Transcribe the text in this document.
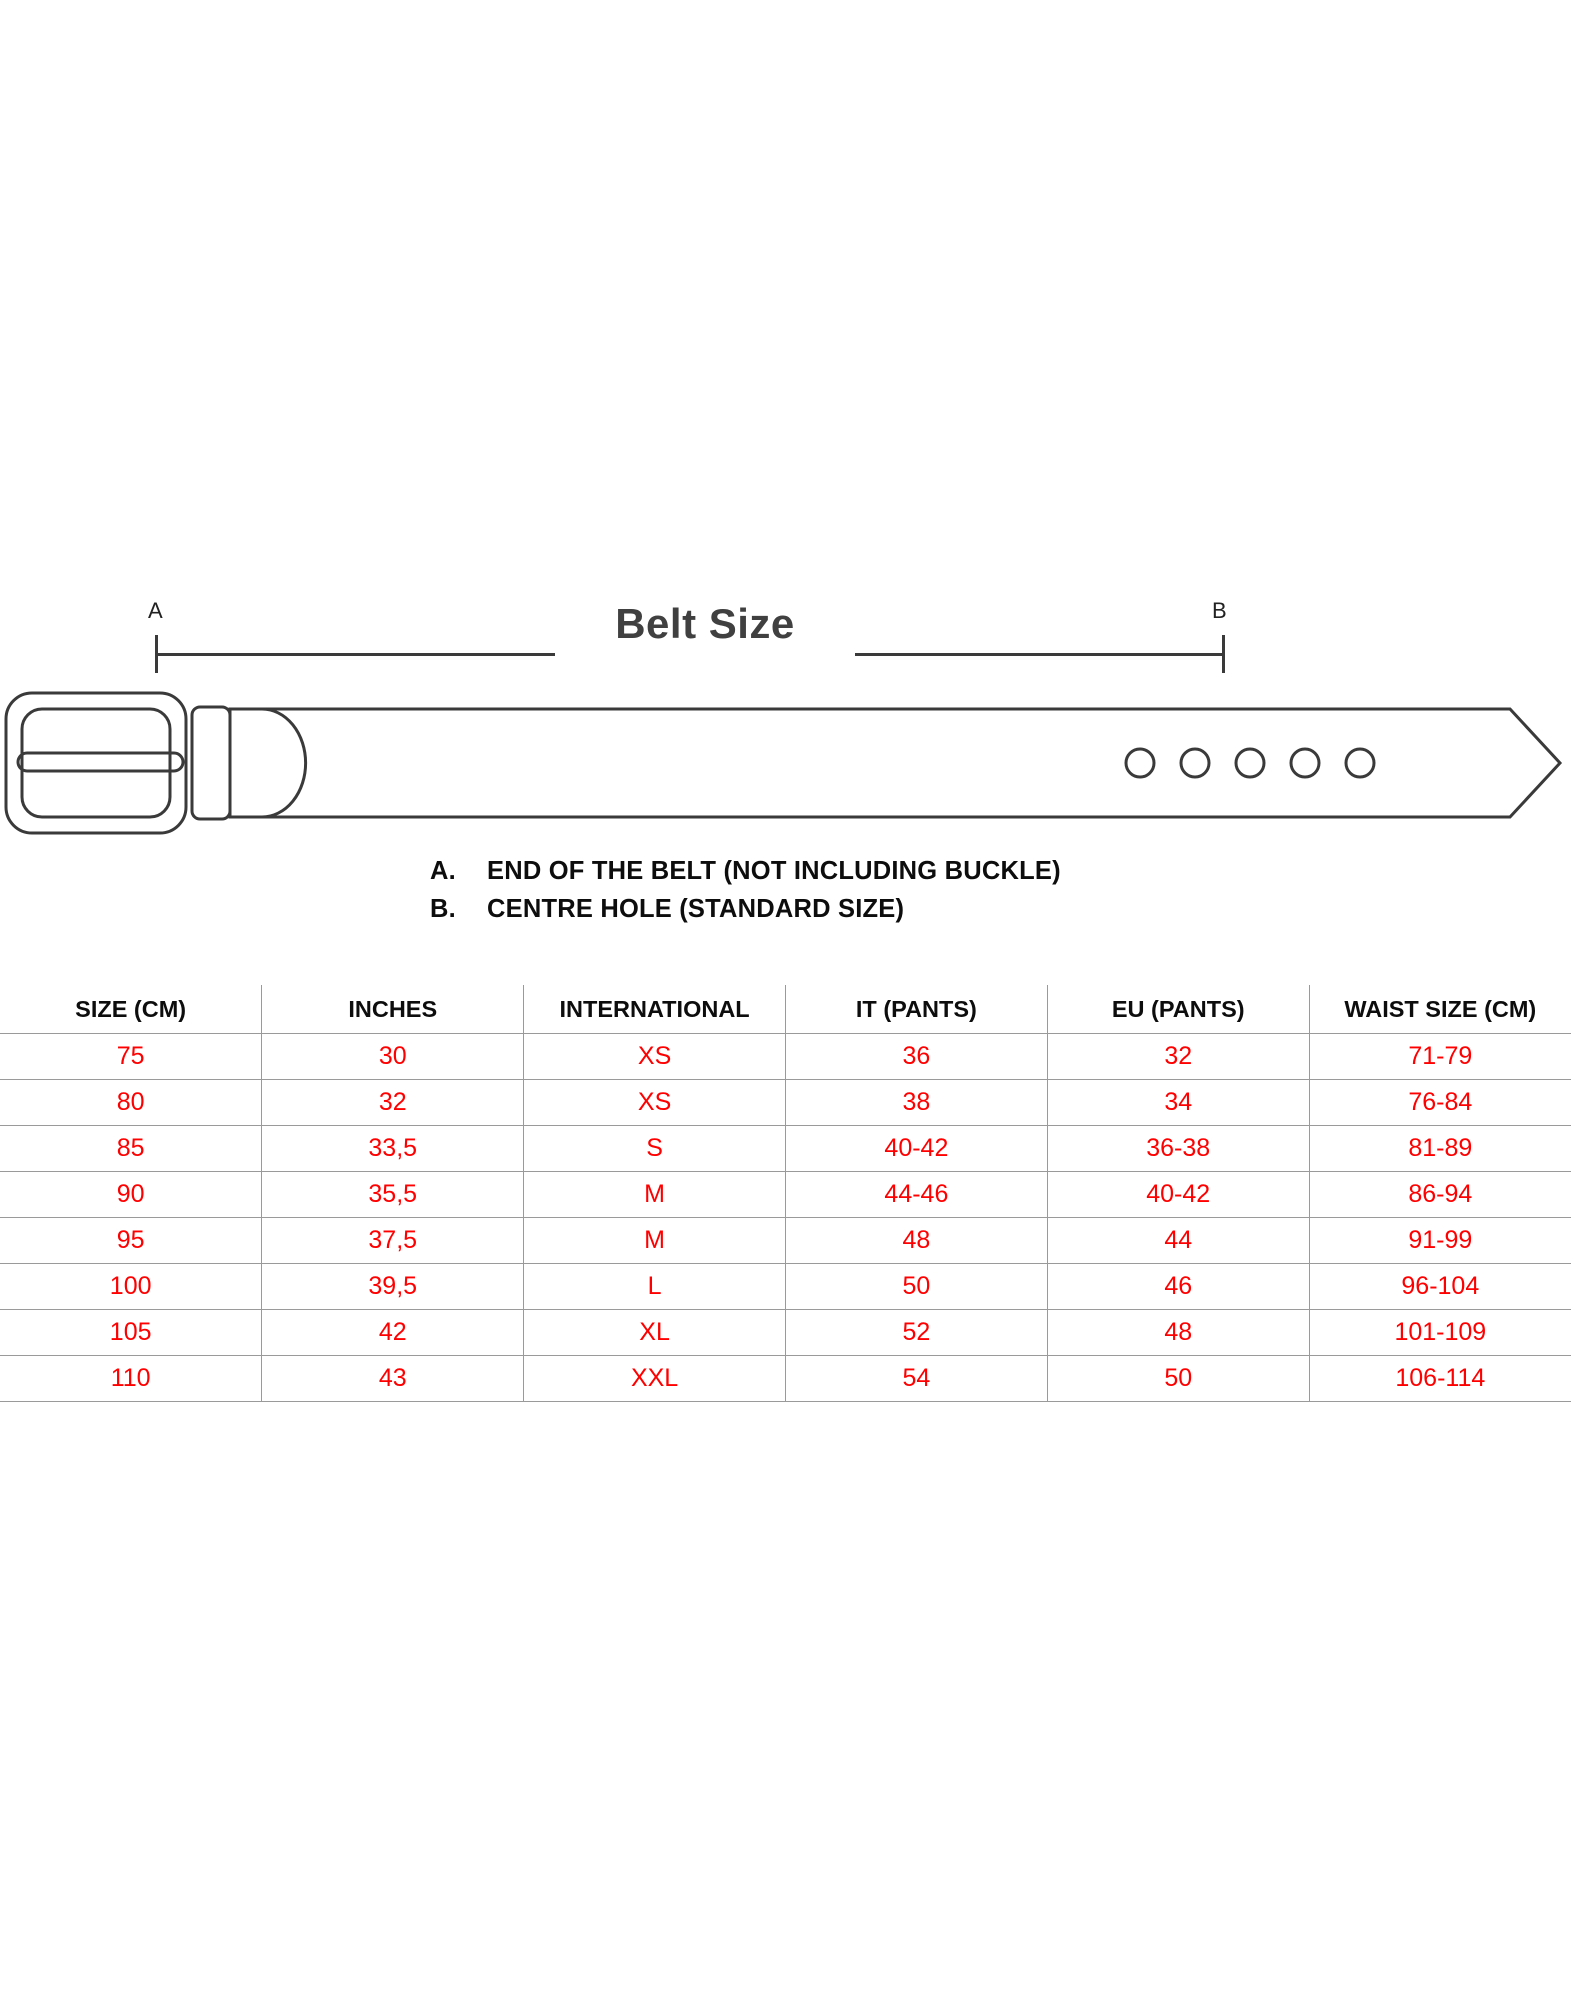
A	B
Belt Size
A.	END OF THE BELT (NOT INCLUDING BUCKLE)
B.	CENTRE HOLE (STANDARD SIZE)
SIZE (CM)	INCHES	INTERNATIONAL	IT (PANTS)	EU (PANTS)	WAIST SIZE (CM)
75	30	XS	36	32	71-79
80	32	XS	38	34	76-84
85	33,5	S	40-42	36-38	81-89
90	35,5	M	44-46	40-42	86-94
95	37,5	M	48	44	91-99
100	39,5	L	50	46	96-104
105	42	XL	52	48	101-109
110	43	XXL	54	50	106-114
